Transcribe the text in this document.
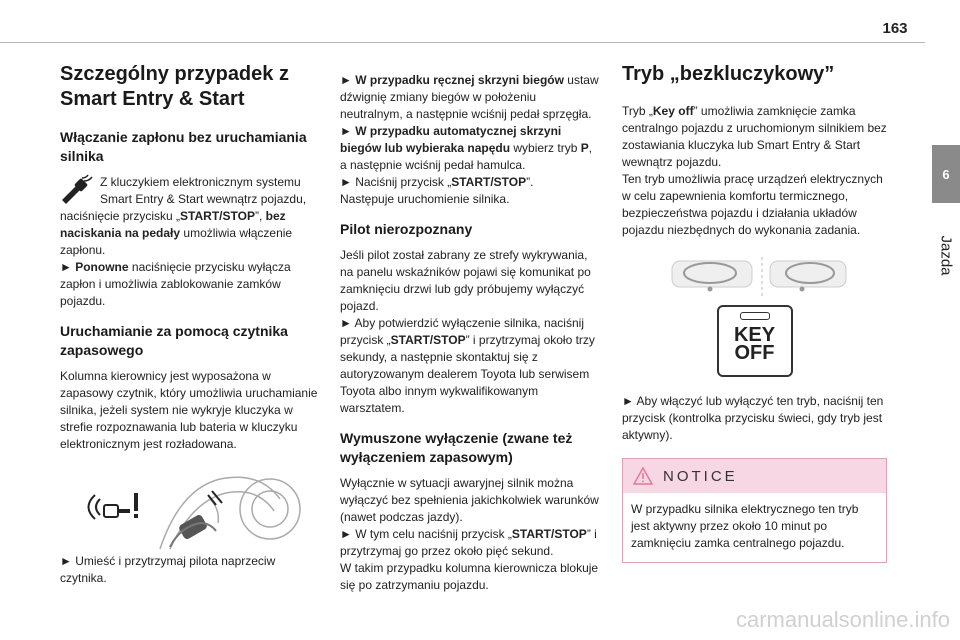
163
6
Jazda
Szczególny przypadek z Smart Entry & Start
Włączanie zapłonu bez uruchamiania silnika

Z kluczykiem elektronicznym systemu Smart Entry & Start wewnątrz pojazdu, naciśnięcie przycisku „START/STOP”, bez naciskania na pedały umożliwia włączenie zapłonu.

► Ponowne naciśnięcie przycisku wyłącza zapłon i umożliwia zablokowanie zamków pojazdu.

Uruchamianie za pomocą czytnika zapasowego

Kolumna kierownicy jest wyposażona w zapasowy czytnik, który umożliwia uruchamianie silnika, jeżeli system nie wykryje kluczyka w strefie rozpoznawania lub bateria w kluczyku elektronicznym jest rozładowana.

► Umieść i przytrzymaj pilota naprzeciw czytnika.

► W przypadku ręcznej skrzyni biegów ustaw dźwignię zmiany biegów w położeniu neutralnym, a następnie wciśnij pedał sprzęgła.

► W przypadku automatycznej skrzyni biegów lub wybieraka napędu wybierz tryb P, a następnie wciśnij pedał hamulca.

► Naciśnij przycisk „START/STOP”.

Następuje uruchomienie silnika.

Pilot nierozpoznany

Jeśli pilot został zabrany ze strefy wykrywania, na panelu wskaźników pojawi się komunikat po zamknięciu drzwi lub gdy próbujemy wyłączyć pojazd.

► Aby potwierdzić wyłączenie silnika, naciśnij przycisk „START/STOP” i przytrzymaj około trzy sekundy, a następnie skontaktuj się z autoryzowanym dealerem Toyota lub serwisem Toyota albo innym wykwalifikowanym warsztatem.

Wymuszone wyłączenie (zwane też wyłączeniem zapasowym)

Wyłącznie w sytuacji awaryjnej silnik można wyłączyć bez spełnienia jakichkolwiek warunków (nawet podczas jazdy).

► W tym celu naciśnij przycisk „START/STOP” i przytrzymaj go przez około pięć sekund.

W takim przypadku kolumna kierownicza blokuje się po zatrzymaniu pojazdu.

Tryb „bezkluczykowy”

Tryb „Key off” umożliwia zamknięcie zamka centralngo pojazdu z uruchomionym silnikiem bez zostawiania kluczyka lub Smart Entry & Start wewnątrz pojazdu.

Ten tryb umożliwia pracę urządzeń elektrycznych w celu zapewnienia komfortu termicznego, bezpieczeństwa pojazdu i działania układów pojazdu niezbędnych do wykonania zadania.

KEY
OFF

► Aby włączyć lub wyłączyć ten tryb, naciśnij ten przycisk (kontrolka przycisku świeci, gdy tryb jest aktywny).

NOTICE
W przypadku silnika elektrycznego ten tryb jest aktywny przez około 10 minut po zamknięciu zamka centralnego pojazdu.
carmanualsonline.info
